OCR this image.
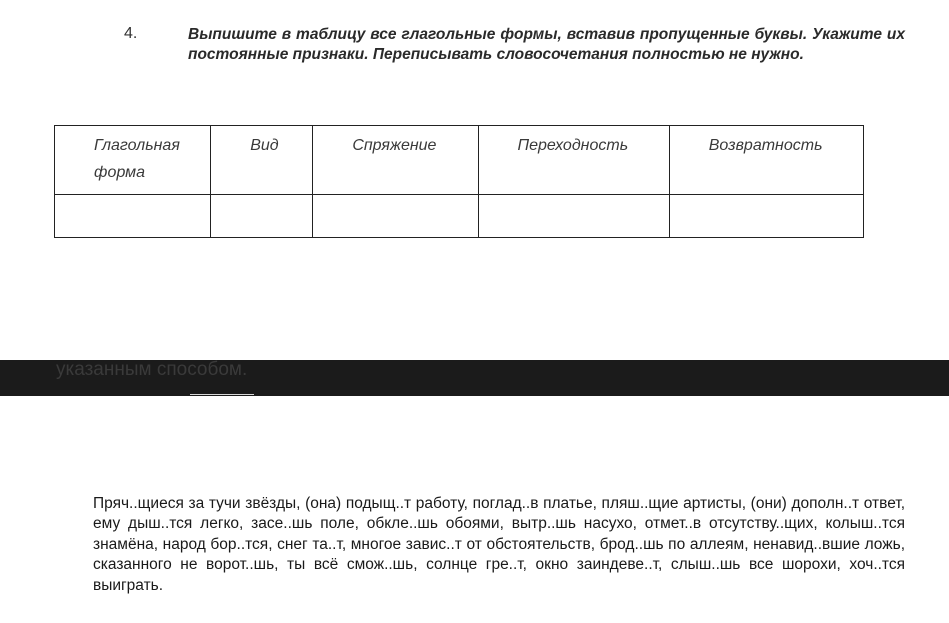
4.	Выпишите в таблицу все глагольные формы, вставив пропущенные буквы. Укажите их постоянные признаки. Переписывать словосочетания полностью не нужно.
Глагольная форма	Вид	Спряжение	Переходность	Возвратность

указанным способом.
Пряч..щиеся за тучи звёзды, (она) подыщ..т работу, поглад..в платье, пляш..щие артисты, (они) дополн..т ответ, ему дыш..тся легко, засе..шь поле, обкле..шь обоями, вытр..шь насухо, отмет..в отсутству..щих, колыш..тся знамёна, народ бор..тся, снег та..т, многое завис..т от обстоятельств, брод..шь по аллеям, ненавид..вшие ложь, сказанного не ворот..шь, ты всё смож..шь, солнце гре..т, окно заиндеве..т, слыш..шь все шорохи, хоч..тся выиграть.
